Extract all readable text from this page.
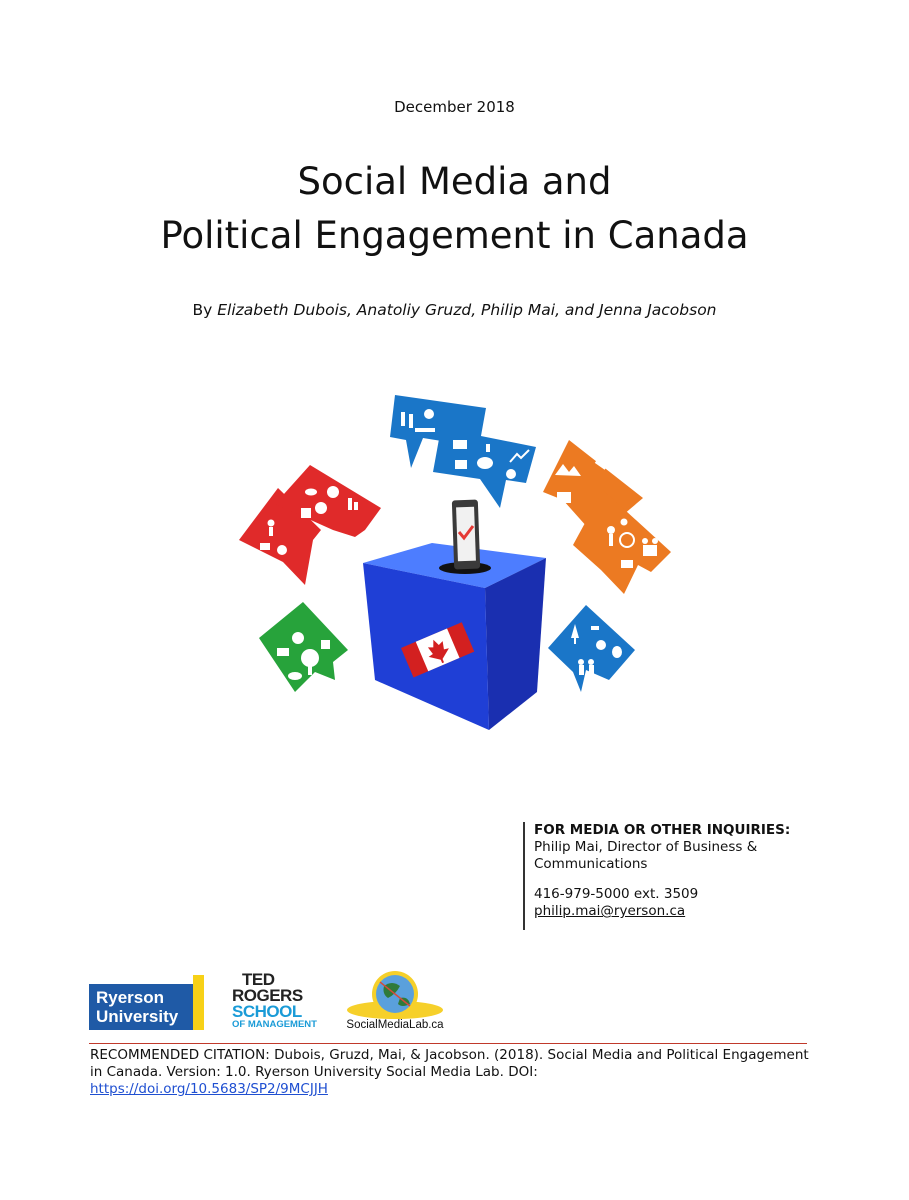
December 2018
Social Media and
Political Engagement in Canada
By Elizabeth Dubois, Anatoliy Gruzd, Philip Mai, and Jenna Jacobson
FOR MEDIA OR OTHER INQUIRIES:
Philip Mai, Director of Business &
Communications
416-979-5000 ext. 3509
philip.mai@ryerson.ca
Ryerson
University
TED
ROGERS
SCHOOL
OF MANAGEMENT	SocialMediaLab.ca
RECOMMENDED CITATION: Dubois, Gruzd, Mai, & Jacobson. (2018). Social Media and Political Engagement in Canada. Version: 1.0. Ryerson University Social Media Lab. DOI:
https://doi.org/10.5683/SP2/9MCJJH
